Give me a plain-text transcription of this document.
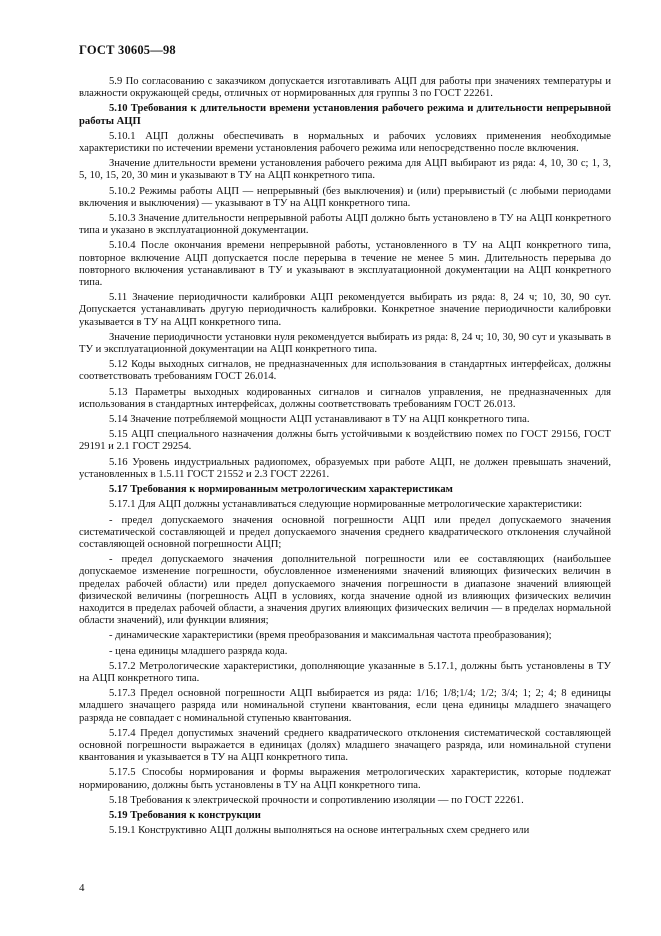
ГОСТ 30605—98

5.9 По согласованию с заказчиком допускается изготавливать АЦП для работы при значениях температуры и влажности окружающей среды, отличных от нормированных для группы 3 по ГОСТ 22261.

5.10 Требования к длительности времени установления рабочего режима и длительности непрерывной работы АЦП

5.10.1 АЦП должны обеспечивать в нормальных и рабочих условиях применения необходимые характеристики по истечении времени установления рабочего режима или непосредственно после включения.

Значение длительности времени установления рабочего режима для АЦП выбирают из ряда: 4, 10, 30 с; 1, 3, 5, 10, 15, 20, 30 мин и указывают в ТУ на АЦП конкретного типа.

5.10.2 Режимы работы АЦП — непрерывный (без выключения) и (или) прерывистый (с любыми периодами включения и выключения) — указывают в ТУ на АЦП конкретного типа.

5.10.3 Значение длительности непрерывной работы АЦП должно быть установлено в ТУ на АЦП конкретного типа и указано в эксплуатационной документации.

5.10.4 После окончания времени непрерывной работы, установленного в ТУ на АЦП конкретного типа, повторное включение АЦП допускается после перерыва в течение не менее 5 мин. Длительность перерыва до повторного включения устанавливают в ТУ и указывают в эксплуатационной документации на АЦП конкретного типа.

5.11 Значение периодичности калибровки АЦП рекомендуется выбирать из ряда: 8, 24 ч; 10, 30, 90 сут. Допускается устанавливать другую периодичность калибровки. Конкретное значение периодичности калибровки указывается в ТУ на АЦП конкретного типа.

Значение периодичности установки нуля рекомендуется выбирать из ряда: 8, 24 ч; 10, 30, 90 сут и указывать в ТУ и эксплуатационной документации на АЦП конкретного типа.

5.12 Коды выходных сигналов, не предназначенных для использования в стандартных интерфейсах, должны соответствовать требованиям ГОСТ 26.014.

5.13 Параметры выходных кодированных сигналов и сигналов управления, не предназначенных для использования в стандартных интерфейсах, должны соответствовать требованиям ГОСТ 26.013.

5.14 Значение потребляемой мощности АЦП устанавливают в ТУ на АЦП конкретного типа.

5.15 АЦП специального назначения должны быть устойчивыми к воздействию помех по ГОСТ 29156, ГОСТ 29191 и 2.1 ГОСТ 29254.

5.16 Уровень индустриальных радиопомех, образуемых при работе АЦП, не должен превышать значений, установленных в 1.5.11 ГОСТ 21552 и 2.3 ГОСТ 22261.

5.17 Требования к нормированным метрологическим характеристикам

5.17.1 Для АЦП должны устанавливаться следующие нормированные метрологические характеристики:

- предел допускаемого значения основной погрешности АЦП или предел допускаемого значения систематической составляющей и предел допускаемого значения среднего квадратического отклонения случайной составляющей основной погрешности АЦП;

- предел допускаемого значения дополнительной погрешности или ее составляющих (наибольшее допускаемое изменение погрешности, обусловленное изменениями значений влияющих физических величин в пределах рабочей области) или предел допускаемого значения погрешности в диапазоне значений влияющей физической величины (погрешность АЦП в условиях, когда значение одной из влияющих физических величин находится в пределах рабочей области, а значения других влияющих физических величин — в пределах нормальной области значений), или функции влияния;

- динамические характеристики (время преобразования и максимальная частота преобразования);

- цена единицы младшего разряда кода.

5.17.2 Метрологические характеристики, дополняющие указанные в 5.17.1, должны быть установлены в ТУ на АЦП конкретного типа.

5.17.3 Предел основной погрешности АЦП выбирается из ряда: 1/16; 1/8;1/4; 1/2; 3/4; 1; 2; 4; 8 единицы младшего значащего разряда или номинальной ступени квантования, если цена единицы младшего значащего разряда не совпадает с номинальной ступенью квантования.

5.17.4 Предел допустимых значений среднего квадратического отклонения систематической составляющей основной погрешности выражается в единицах (долях) младшего значащего разряда, или номинальной ступени квантования и указывается в ТУ на АЦП конкретного типа.

5.17.5 Способы нормирования и формы выражения метрологических характеристик, которые подлежат нормированию, должны быть установлены в ТУ на АЦП конкретного типа.

5.18 Требования к электрической прочности и сопротивлению изоляции — по ГОСТ 22261.

5.19 Требования к конструкции

5.19.1 Конструктивно АЦП должны выполняться на основе интегральных схем среднего или

4
